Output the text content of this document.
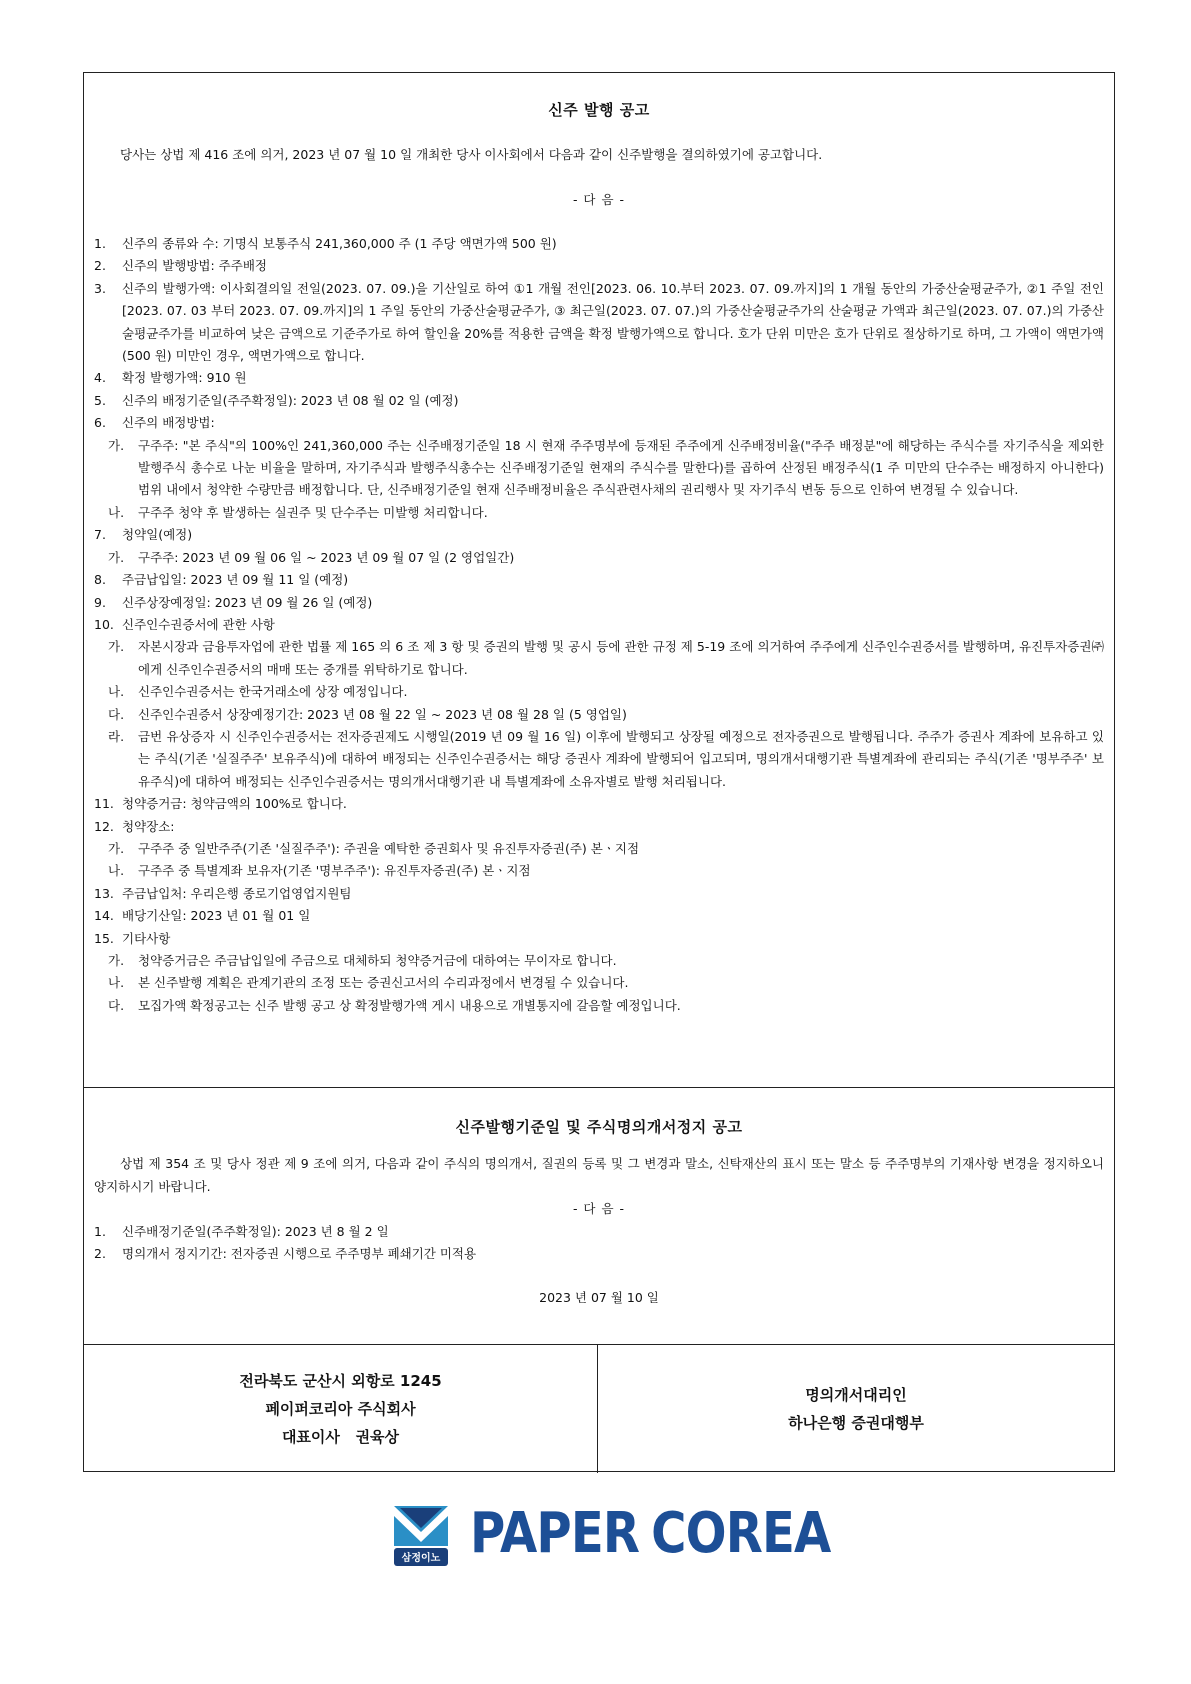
신주 발행 공고

당사는 상법 제 416 조에 의거, 2023 년 07 월 10 일 개최한 당사 이사회에서 다음과 같이 신주발행을 결의하였기에 공고합니다.

- 다 음 -
1. 신주의 종류와 수: 기명식 보통주식 241,360,000 주 (1 주당 액면가액 500 원)
2. 신주의 발행방법: 주주배정
3. 신주의 발행가액: 이사회결의일 전일(2023. 07. 09.)을 기산일로 하여 ①1 개월 전인[2023. 06. 10.부터 2023. 07. 09.까지]의 1 개월 동안의 가중산술평균주가, ②1 주일 전인[2023. 07. 03 부터 2023. 07. 09.까지]의 1 주일 동안의 가중산술평균주가, ③ 최근일(2023. 07. 07.)의 가중산술평균주가의 산술평균 가액과 최근일(2023. 07. 07.)의 가중산술평균주가를 비교하여 낮은 금액으로 기준주가로 하여 할인율 20%를 적용한 금액을 확정 발행가액으로 합니다. 호가 단위 미만은 호가 단위로 절상하기로 하며, 그 가액이 액면가액(500 원) 미만인 경우, 액면가액으로 합니다.
4. 확정 발행가액: 910 원
5. 신주의 배정기준일(주주확정일): 2023 년 08 월 02 일 (예정)
6. 신주의 배정방법:
가. 구주주: "본 주식"의 100%인 241,360,000 주는 신주배정기준일 18 시 현재 주주명부에 등재된 주주에게 신주배정비율("주주 배정분"에 해당하는 주식수를 자기주식을 제외한 발행주식 총수로 나눈 비율을 말하며, 자기주식과 발행주식총수는 신주배정기준일 현재의 주식수를 말한다)를 곱하여 산정된 배정주식(1 주 미만의 단수주는 배정하지 아니한다) 범위 내에서 청약한 수량만큼 배정합니다. 단, 신주배정기준일 현재 신주배정비율은 주식관련사채의 권리행사 및 자기주식 변동 등으로 인하여 변경될 수 있습니다.
나. 구주주 청약 후 발생하는 실권주 및 단수주는 미발행 처리합니다.
7. 청약일(예정)
가. 구주주: 2023 년 09 월 06 일 ~ 2023 년 09 월 07 일 (2 영업일간)
8. 주금납입일: 2023 년 09 월 11 일 (예정)
9. 신주상장예정일: 2023 년 09 월 26 일 (예정)
10. 신주인수권증서에 관한 사항
가. 자본시장과 금융투자업에 관한 법률 제 165 의 6 조 제 3 항 및 증권의 발행 및 공시 등에 관한 규정 제 5-19 조에 의거하여 주주에게 신주인수권증서를 발행하며, 유진투자증권㈜에게 신주인수권증서의 매매 또는 중개를 위탁하기로 합니다.
나. 신주인수권증서는 한국거래소에 상장 예정입니다.
다. 신주인수권증서 상장예정기간: 2023 년 08 월 22 일 ~ 2023 년 08 월 28 일 (5 영업일)
라. 금번 유상증자 시 신주인수권증서는 전자증권제도 시행일(2019 년 09 월 16 일) 이후에 발행되고 상장될 예정으로 전자증권으로 발행됩니다. 주주가 증권사 계좌에 보유하고 있는 주식(기존 '실질주주' 보유주식)에 대하여 배정되는 신주인수권증서는 해당 증권사 계좌에 발행되어 입고되며, 명의개서대행기관 특별계좌에 관리되는 주식(기존 '명부주주' 보유주식)에 대하여 배정되는 신주인수권증서는 명의개서대행기관 내 특별계좌에 소유자별로 발행 처리됩니다.
11. 청약증거금: 청약금액의 100%로 합니다.
12. 청약장소:
가. 구주주 중 일반주주(기존 '실질주주'): 주권을 예탁한 증권회사 및 유진투자증권(주) 본ㆍ지점
나. 구주주 중 특별계좌 보유자(기존 '명부주주'): 유진투자증권(주) 본ㆍ지점
13. 주금납입처: 우리은행 종로기업영업지원팀
14. 배당기산일: 2023 년 01 월 01 일
15. 기타사항
가. 청약증거금은 주금납입일에 주금으로 대체하되 청약증거금에 대하여는 무이자로 합니다.
나. 본 신주발행 계획은 관계기관의 조정 또는 증권신고서의 수리과정에서 변경될 수 있습니다.
다. 모집가액 확정공고는 신주 발행 공고 상 확정발행가액 게시 내용으로 개별통지에 갈음할 예정입니다.
신주발행기준일 및 주식명의개서정지 공고

상법 제 354 조 및 당사 정관 제 9 조에 의거, 다음과 같이 주식의 명의개서, 질권의 등록 및 그 변경과 말소, 신탁재산의 표시 또는 말소 등 주주명부의 기재사항 변경을 정지하오니 양지하시기 바랍니다.

- 다 음 -
1. 신주배정기준일(주주확정일): 2023 년 8 월 2 일
2. 명의개서 정지기간: 전자증권 시행으로 주주명부 폐쇄기간 미적용
2023 년 07 월 10 일
전라북도 군산시 외항로 1245
페이퍼코리아 주식회사
대표이사   권육상
명의개서대리인
하나은행 증권대행부
삼정이노 PAPER COREA
